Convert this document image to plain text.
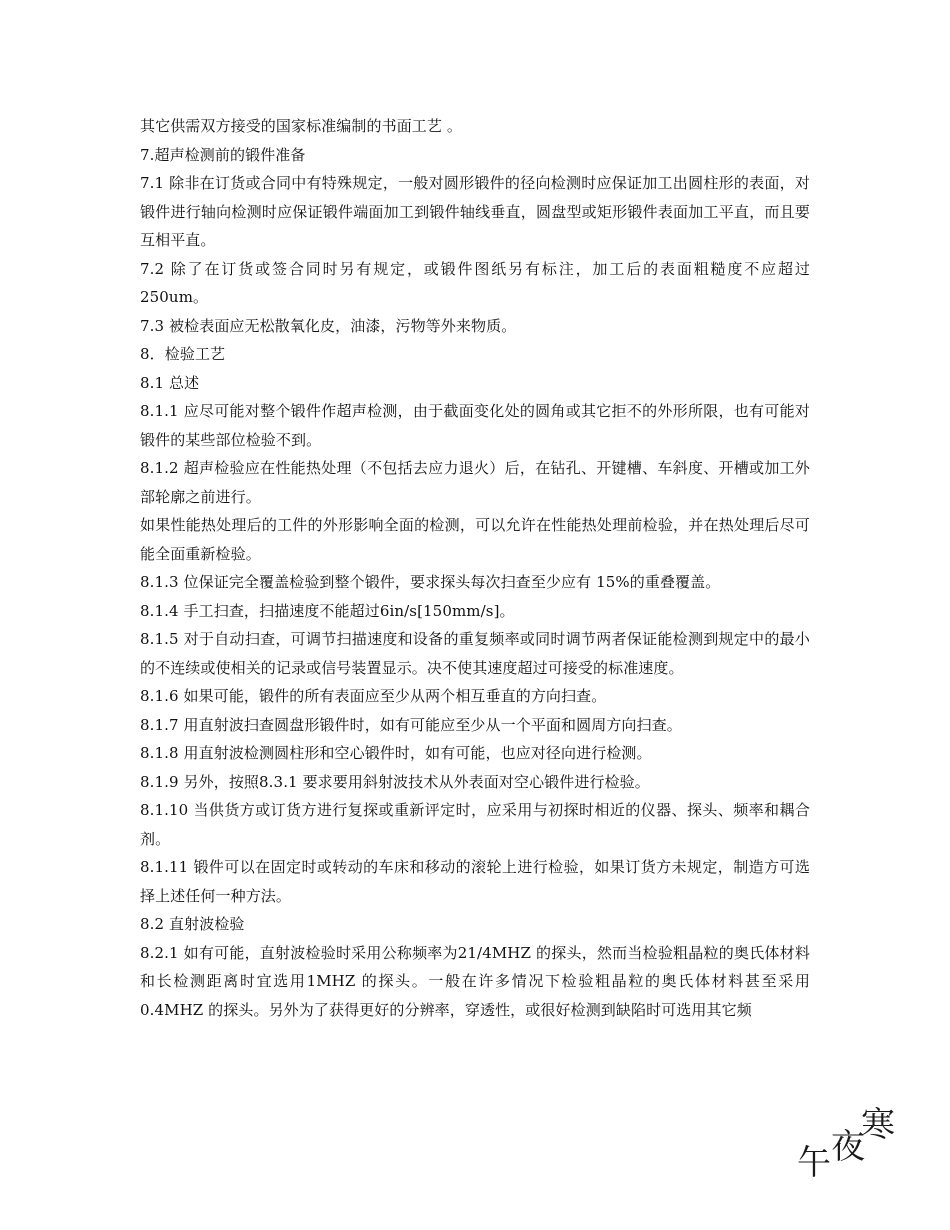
其它供需双方接受的国家标准编制的书面工艺 。

7.超声检测前的锻件准备

7.1 除非在订货或合同中有特殊规定，一般对圆形锻件的径向检测时应保证加工出圆柱形的表面，对锻件进行轴向检测时应保证锻件端面加工到锻件轴线垂直，圆盘型或矩形锻件表面加工平直，而且要互相平直。

7.2 除了在订货或签合同时另有规定，或锻件图纸另有标注，加工后的表面粗糙度不应超过 250um。

7.3 被检表面应无松散氧化皮，油漆，污物等外来物质。

8．检验工艺

8.1 总述

8.1.1 应尽可能对整个锻件作超声检测，由于截面变化处的圆角或其它拒不的外形所限，也有可能对锻件的某些部位检验不到。

8.1.2 超声检验应在性能热处理（不包括去应力退火）后，在钻孔、开键槽、车斜度、开槽或加工外部轮廓之前进行。

如果性能热处理后的工件的外形影响全面的检测，可以允许在性能热处理前检验，并在热处理后尽可能全面重新检验。

8.1.3 位保证完全覆盖检验到整个锻件，要求探头每次扫查至少应有 15%的重叠覆盖。

8.1.4 手工扫查，扫描速度不能超过6in/s[150mm/s]。

8.1.5 对于自动扫查，可调节扫描速度和设备的重复频率或同时调节两者保证能检测到规定中的最小的不连续或使相关的记录或信号装置显示。决不使其速度超过可接受的标准速度。

8.1.6 如果可能，锻件的所有表面应至少从两个相互垂直的方向扫查。

8.1.7 用直射波扫查圆盘形锻件时，如有可能应至少从一个平面和圆周方向扫查。

8.1.8 用直射波检测圆柱形和空心锻件时，如有可能，也应对径向进行检测。

8.1.9 另外，按照8.3.1 要求要用斜射波技术从外表面对空心锻件进行检验。

8.1.10 当供货方或订货方进行复探或重新评定时，应采用与初探时相近的仪器、探头、频率和耦合剂。

8.1.11 锻件可以在固定时或转动的车床和移动的滚轮上进行检验，如果订货方未规定，制造方可选择上述任何一种方法。

8.2 直射波检验

8.2.1 如有可能，直射波检验时采用公称频率为21/4MHZ 的探头，然而当检验粗晶粒的奥氏体材料和长检测距离时宜选用1MHZ 的探头。一般在许多情况下检验粗晶粒的奥氏体材料甚至采用0.4MHZ 的探头。另外为了获得更好的分辨率，穿透性，或很好检测到缺陷时可选用其它频

午 夜
寒
